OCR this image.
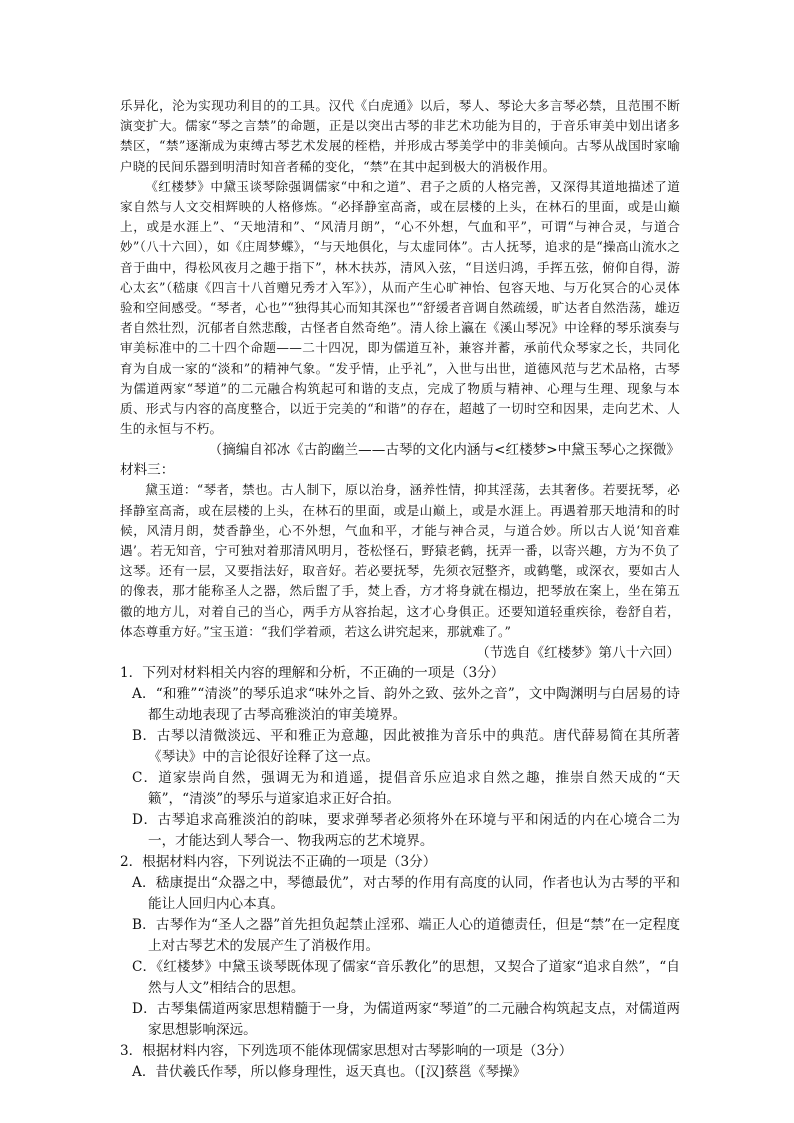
乐异化，沦为实现功利目的的工具。汉代《白虎通》以后，琴人、琴论大多言琴必禁，且范围不断演变扩大。儒家“琴之言禁”的命题，正是以突出古琴的非艺术功能为目的，于音乐审美中划出诸多禁区，“禁”逐渐成为束缚古琴艺术发展的桎梏，并形成古琴美学中的非美倾向。古琴从战国时家喻户晓的民间乐器到明清时知音者稀的变化，“禁”在其中起到极大的消极作用。

《红楼梦》中黛玉谈琴除强调儒家“中和之道”、君子之质的人格完善，又深得其道地描述了道家自然与人文交相辉映的人格修炼。“必择静室高斋，或在层楼的上头，在林石的里面，或是山巅上，或是水涯上”、“天地清和”、“风清月朗”，“心不外想，气血和平”，可谓“与神合灵，与道合妙”（八十六回），如《庄周梦蝶》，“与天地俱化，与太虚同体”。古人抚琴，追求的是“操高山流水之音于曲中，得松风夜月之趣于指下”，林木扶苏，清风入弦，“目送归鸿，手挥五弦，俯仰自得，游心太玄”（嵇康《四言十八首赠兄秀才入军》），从而产生心旷神怡、包容天地、与万化冥合的心灵体验和空间感受。“琴者，心也”“独得其心而知其深也”“舒缓者音调自然疏缓，旷达者自然浩荡，雄迈者自然壮烈，沉郁者自然悲酸，古怪者自然奇绝”。清人徐上瀛在《溪山琴况》中诠释的琴乐演奏与审美标准中的二十四个命题——二十四况，即为儒道互补，兼容并蓄，承前代众琴家之长，共同化育为自成一家的“淡和”的精神气象。“发乎情，止乎礼”，入世与出世，道德风范与艺术品格，古琴为儒道两家“琴道”的二元融合构筑起可和谐的支点，完成了物质与精神、心理与生理、现象与本质、形式与内容的高度整合，以近于完美的“和谐”的存在，超越了一切时空和因果，走向艺术、人生的永恒与不朽。

（摘编自祁冰《古韵幽兰——古琴的文化内涵与<红楼梦>中黛玉琴心之探微》

材料三：

黛玉道：“琴者，禁也。古人制下，原以治身，涵养性情，抑其淫荡，去其奢侈。若要抚琴，必择静室高斋，或在层楼的上头，在林石的里面，或是山巅上，或是水涯上。再遇着那天地清和的时候，风清月朗，焚香静坐，心不外想，气血和平，才能与神合灵，与道合妙。所以古人说‘知音难遇’。若无知音，宁可独对着那清风明月，苍松怪石，野猿老鹤，抚弄一番，以寄兴趣，方为不负了这琴。还有一层，又要指法好，取音好。若必要抚琴，先须衣冠整齐，或鹤氅，或深衣，要如古人的像表，那才能称圣人之器，然后盥了手，焚上香，方才将身就在榻边，把琴放在案上，坐在第五徽的地方儿，对着自己的当心，两手方从容抬起，这才心身俱正。还要知道轻重疾徐，卷舒自若，体态尊重方好。”宝玉道：“我们学着顽，若这么讲究起来，那就难了。”

（节选自《红楼梦》第八十六回）

1．下列对材料相关内容的理解和分析，不正确的一项是（3分）

A．“和雅”“清淡”的琴乐追求“味外之旨、韵外之致、弦外之音”，文中陶渊明与白居易的诗都生动地表现了古琴高雅淡泊的审美境界。

B．古琴以清微淡远、平和雅正为意趣，因此被推为音乐中的典范。唐代薛易简在其所著《琴诀》中的言论很好诠释了这一点。

C．道家崇尚自然，强调无为和逍遥，提倡音乐应追求自然之趣，推崇自然天成的“天籁”，“清淡”的琴乐与道家追求正好合拍。

D．古琴追求高雅淡泊的韵味，要求弹琴者必须将外在环境与平和闲适的内在心境合二为一，才能达到人琴合一、物我两忘的艺术境界。

2．根据材料内容，下列说法不正确的一项是（3分）

A．嵇康提出“众器之中，琴德最优”，对古琴的作用有高度的认同，作者也认为古琴的平和能让人回归内心本真。

B．古琴作为“圣人之器”首先担负起禁止淫邪、端正人心的道德责任，但是“禁”在一定程度上对古琴艺术的发展产生了消极作用。

C．《红楼梦》中黛玉谈琴既体现了儒家“音乐教化”的思想，又契合了道家“追求自然”，“自然与人文”相结合的思想。

D．古琴集儒道两家思想精髓于一身，为儒道两家“琴道”的二元融合构筑起支点，对儒道两家思想影响深远。

3．根据材料内容，下列选项不能体现儒家思想对古琴影响的一项是（3分）

A．昔伏羲氏作琴，所以修身理性，返天真也。（[汉]蔡邕《琴操》
